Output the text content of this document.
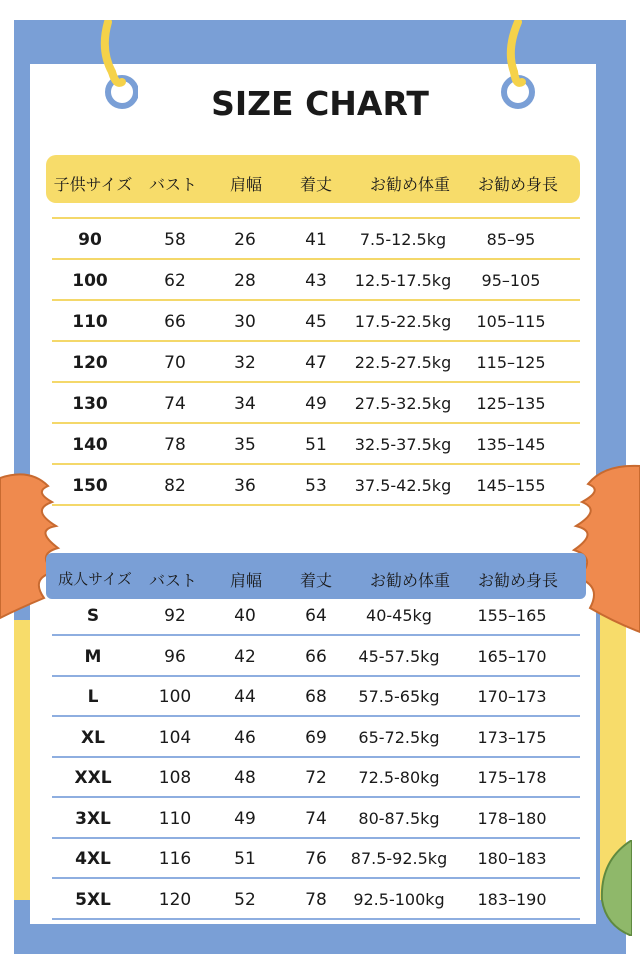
SIZE CHART
子供サイズ バスト 肩幅 着丈 お勧め体重 お勧め身長
90	58	26	41 7.5-12.5kg	85–95
100	62	28	43 12.5-17.5kg 95–105
110	66	30	45 17.5-22.5kg 105–115
120	70	32	47 22.5-27.5kg 115–125
130	74	34	49 27.5-32.5kg 125–135
140	78	35	51 32.5-37.5kg 135–145
150	82	36	53 37.5-42.5kg 145–155
成人サイズ バスト 肩幅 着丈 お勧め体重 お勧め身長
S	92	40	64 40-45kg	155–165
M	96	42	66 45-57.5kg 165–170
L	100	44	68 57.5-65kg 170–173
XL	104	46	69 65-72.5kg 173–175
XXL	108	48	72 72.5-80kg 175–178
3XL	110	49	74 80-87.5kg 178–180
4XL	116	51	76 87.5-92.5kg 180–183
5XL	120	52	78 92.5-100kg 183–190
